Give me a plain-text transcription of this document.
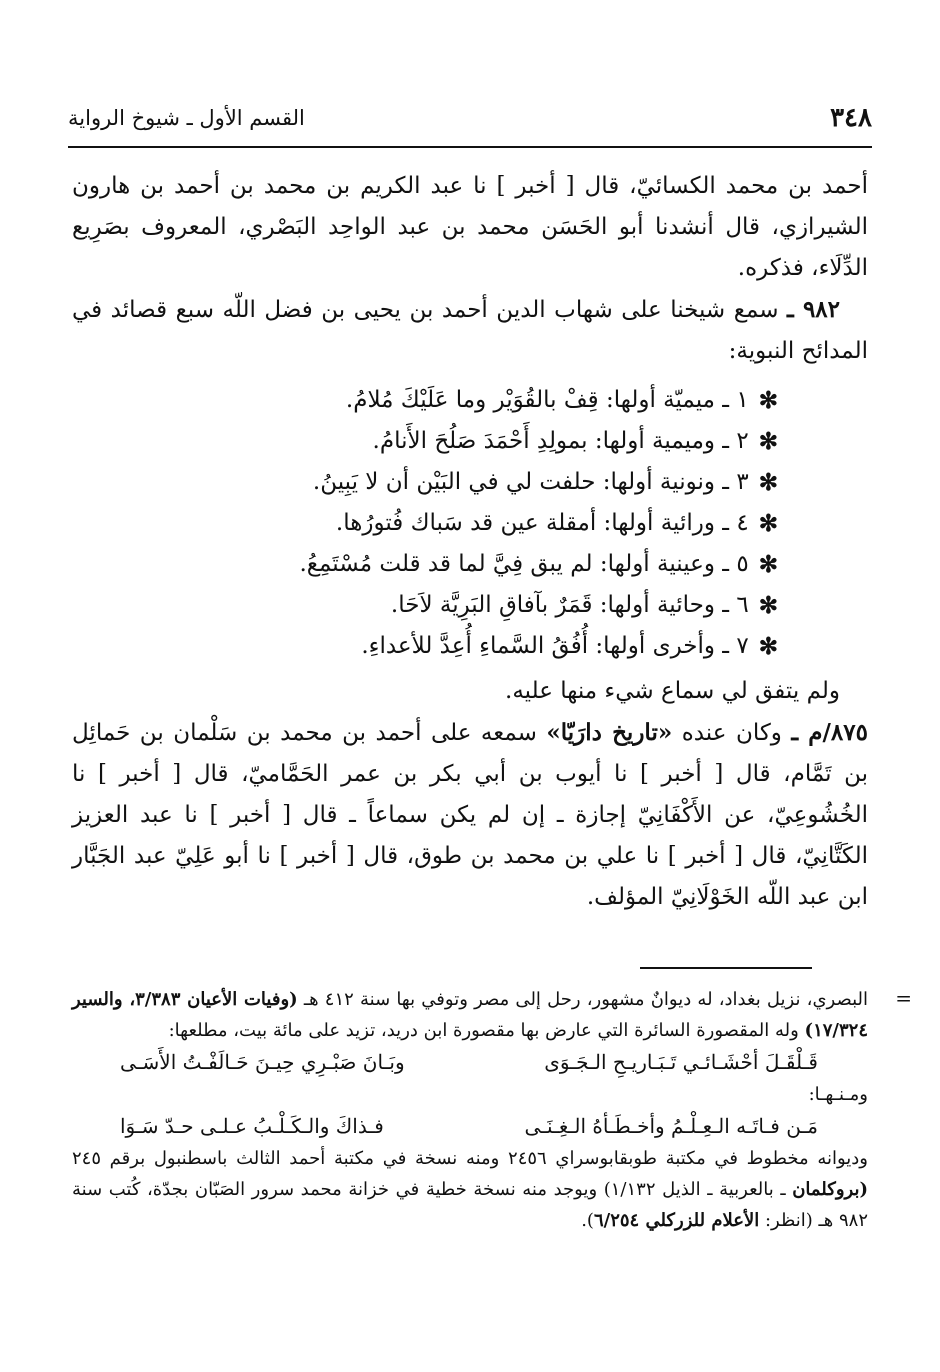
٣٤٨
القسم الأول ـ شيوخ الرواية

أحمد بن محمد الكسائيّ، قال [ أخبر ] نا عبد الكريم بن محمد بن أحمد بن هارون الشيرازي، قال أنشدنا أبو الحَسَن محمد بن عبد الواحِد البَصْري، المعروف بصَرِيع الدِّلَاء، فذكره.

٩٨٢ ـ سمع شيخنا على شهاب الدين أحمد بن يحيى بن فضل اللّه سبع قصائد في المدائح النبوية:

✻
١ ـ ميميّة أولها: قِفْ بالقُوَيْر وما عَلَيْكَ مُلامُ.
✻
٢ ـ وميمية أولها: بمولِدِ أَحْمَدَ صَلُحَ الأَنامُ.
✻
٣ ـ ونونية أولها: حلفت لي في البَيْن أن لا يَبِينُ.
✻
٤ ـ ورائية أولها: أمقلة عين قد سَباك فُتورُها.
✻
٥ ـ وعينية أولها: لم يبق فِيَّ لما قد قلت مُسْتَمِعُ.
✻
٦ ـ وحائية أولها: قَمَرٌ بآفاقِ البَرِيَّة لاَحَا.
✻
٧ ـ وأخرى أولها: أُفُقُ السَّماءِ أُعِدَّ للأعداءِ.

ولم يتفق لي سماع شيء منها عليه.

٨٧٥/م ـ وكان عنده «تاريخ دارَيّا» سمعه على أحمد بن محمد بن سَلْمان بن حَمائِل بن تَمَّام، قال [ أخبر ] نا أيوب بن أبي بكر بن عمر الحَمَّاميّ، قال [ أخبر ] نا الخُشُوعِيّ، عن الأَكْفَانِيّ إجازة ـ إن لم يكن سماعاً ـ قال [ أخبر ] نا عبد العزيز الكَتَّانِيّ، قال [ أخبر ] نا علي بن محمد بن طوق، قال [ أخبر ] نا أبو عَلِيّ عبد الجَبَّار ابن عبد اللّه الخَوْلَانِيّ المؤلف.

=

البصري، نزيل بغداد، له ديوانٌ مشهور، رحل إلى مصر وتوفي بها سنة ٤١٢ هـ (وفيات الأعيان ٣/٣٨٣، والسير ١٧/٣٢٤) وله المقصورة السائرة التي عارض بها مقصورة ابن دريد، تزيد على مائة بيت، مطلعها:

قَـلْقَـلَ أحْشَـائـي تَـبَـاريـحِ الـجَـوَى
وبَـانَ صَبْـرِي حِيـنَ حَـالَفْـتُ الأَسَـى

ومـنـهـا:

مَـن فـاتَـه الـعِـلْـمُ وأخـطَـأهُ الـغِـنَـى
فـذاكَ والـكَـلْـبُ عـلـى حـدّ سَـوَا

وديوانه مخطوط في مكتبة طوبقابوسراي ٢٤٥٦ ومنه نسخة في مكتبة أحمد الثالث باسطنبول برقم ٢٤٥ (بروكلمان ـ بالعربية ـ الذيل ١/١٣٢) ويوجد منه نسخة خطية في خزانة محمد سرور الصَبّان بجدّة، كُتب سنة ٩٨٢ هـ (انظر: الأعلام للزركلي ٦/٢٥٤).
